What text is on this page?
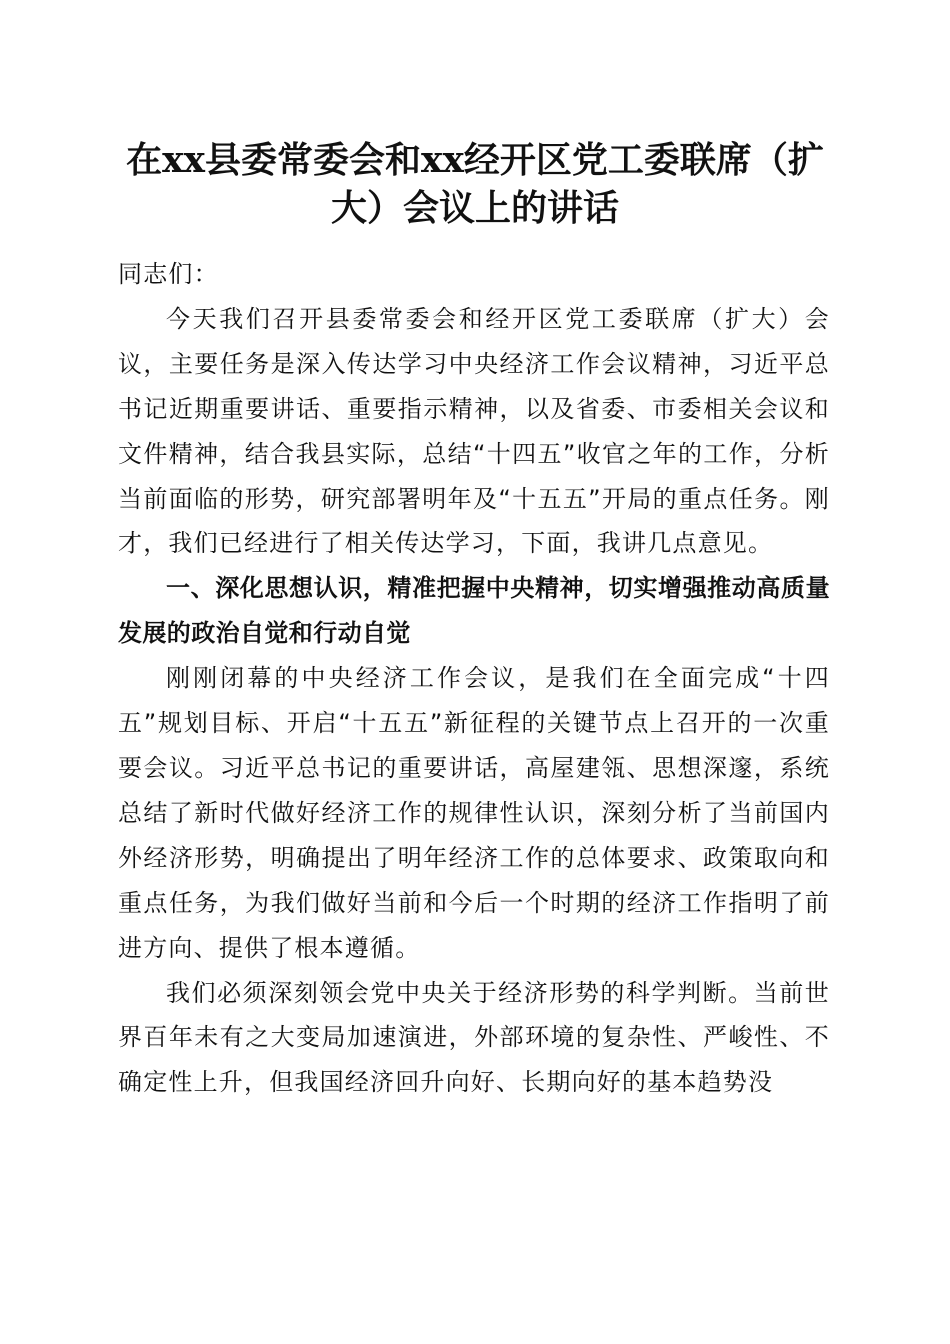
在xx县委常委会和xx经开区党工委联席（扩大）会议上的讲话

同志们：

今天我们召开县委常委会和经开区党工委联席（扩大）会议，主要任务是深入传达学习中央经济工作会议精神，习近平总书记近期重要讲话、重要指示精神，以及省委、市委相关会议和文件精神，结合我县实际，总结“十四五”收官之年的工作，分析当前面临的形势，研究部署明年及“十五五”开局的重点任务。刚才，我们已经进行了相关传达学习，下面，我讲几点意见。

一、深化思想认识，精准把握中央精神，切实增强推动高质量发展的政治自觉和行动自觉

刚刚闭幕的中央经济工作会议，是我们在全面完成“十四五”规划目标、开启“十五五”新征程的关键节点上召开的一次重要会议。习近平总书记的重要讲话，高屋建瓴、思想深邃，系统总结了新时代做好经济工作的规律性认识，深刻分析了当前国内外经济形势，明确提出了明年经济工作的总体要求、政策取向和重点任务，为我们做好当前和今后一个时期的经济工作指明了前进方向、提供了根本遵循。

我们必须深刻领会党中央关于经济形势的科学判断。当前世界百年未有之大变局加速演进，外部环境的复杂性、严峻性、不确定性上升，但我国经济回升向好、长期向好的基本趋势没
